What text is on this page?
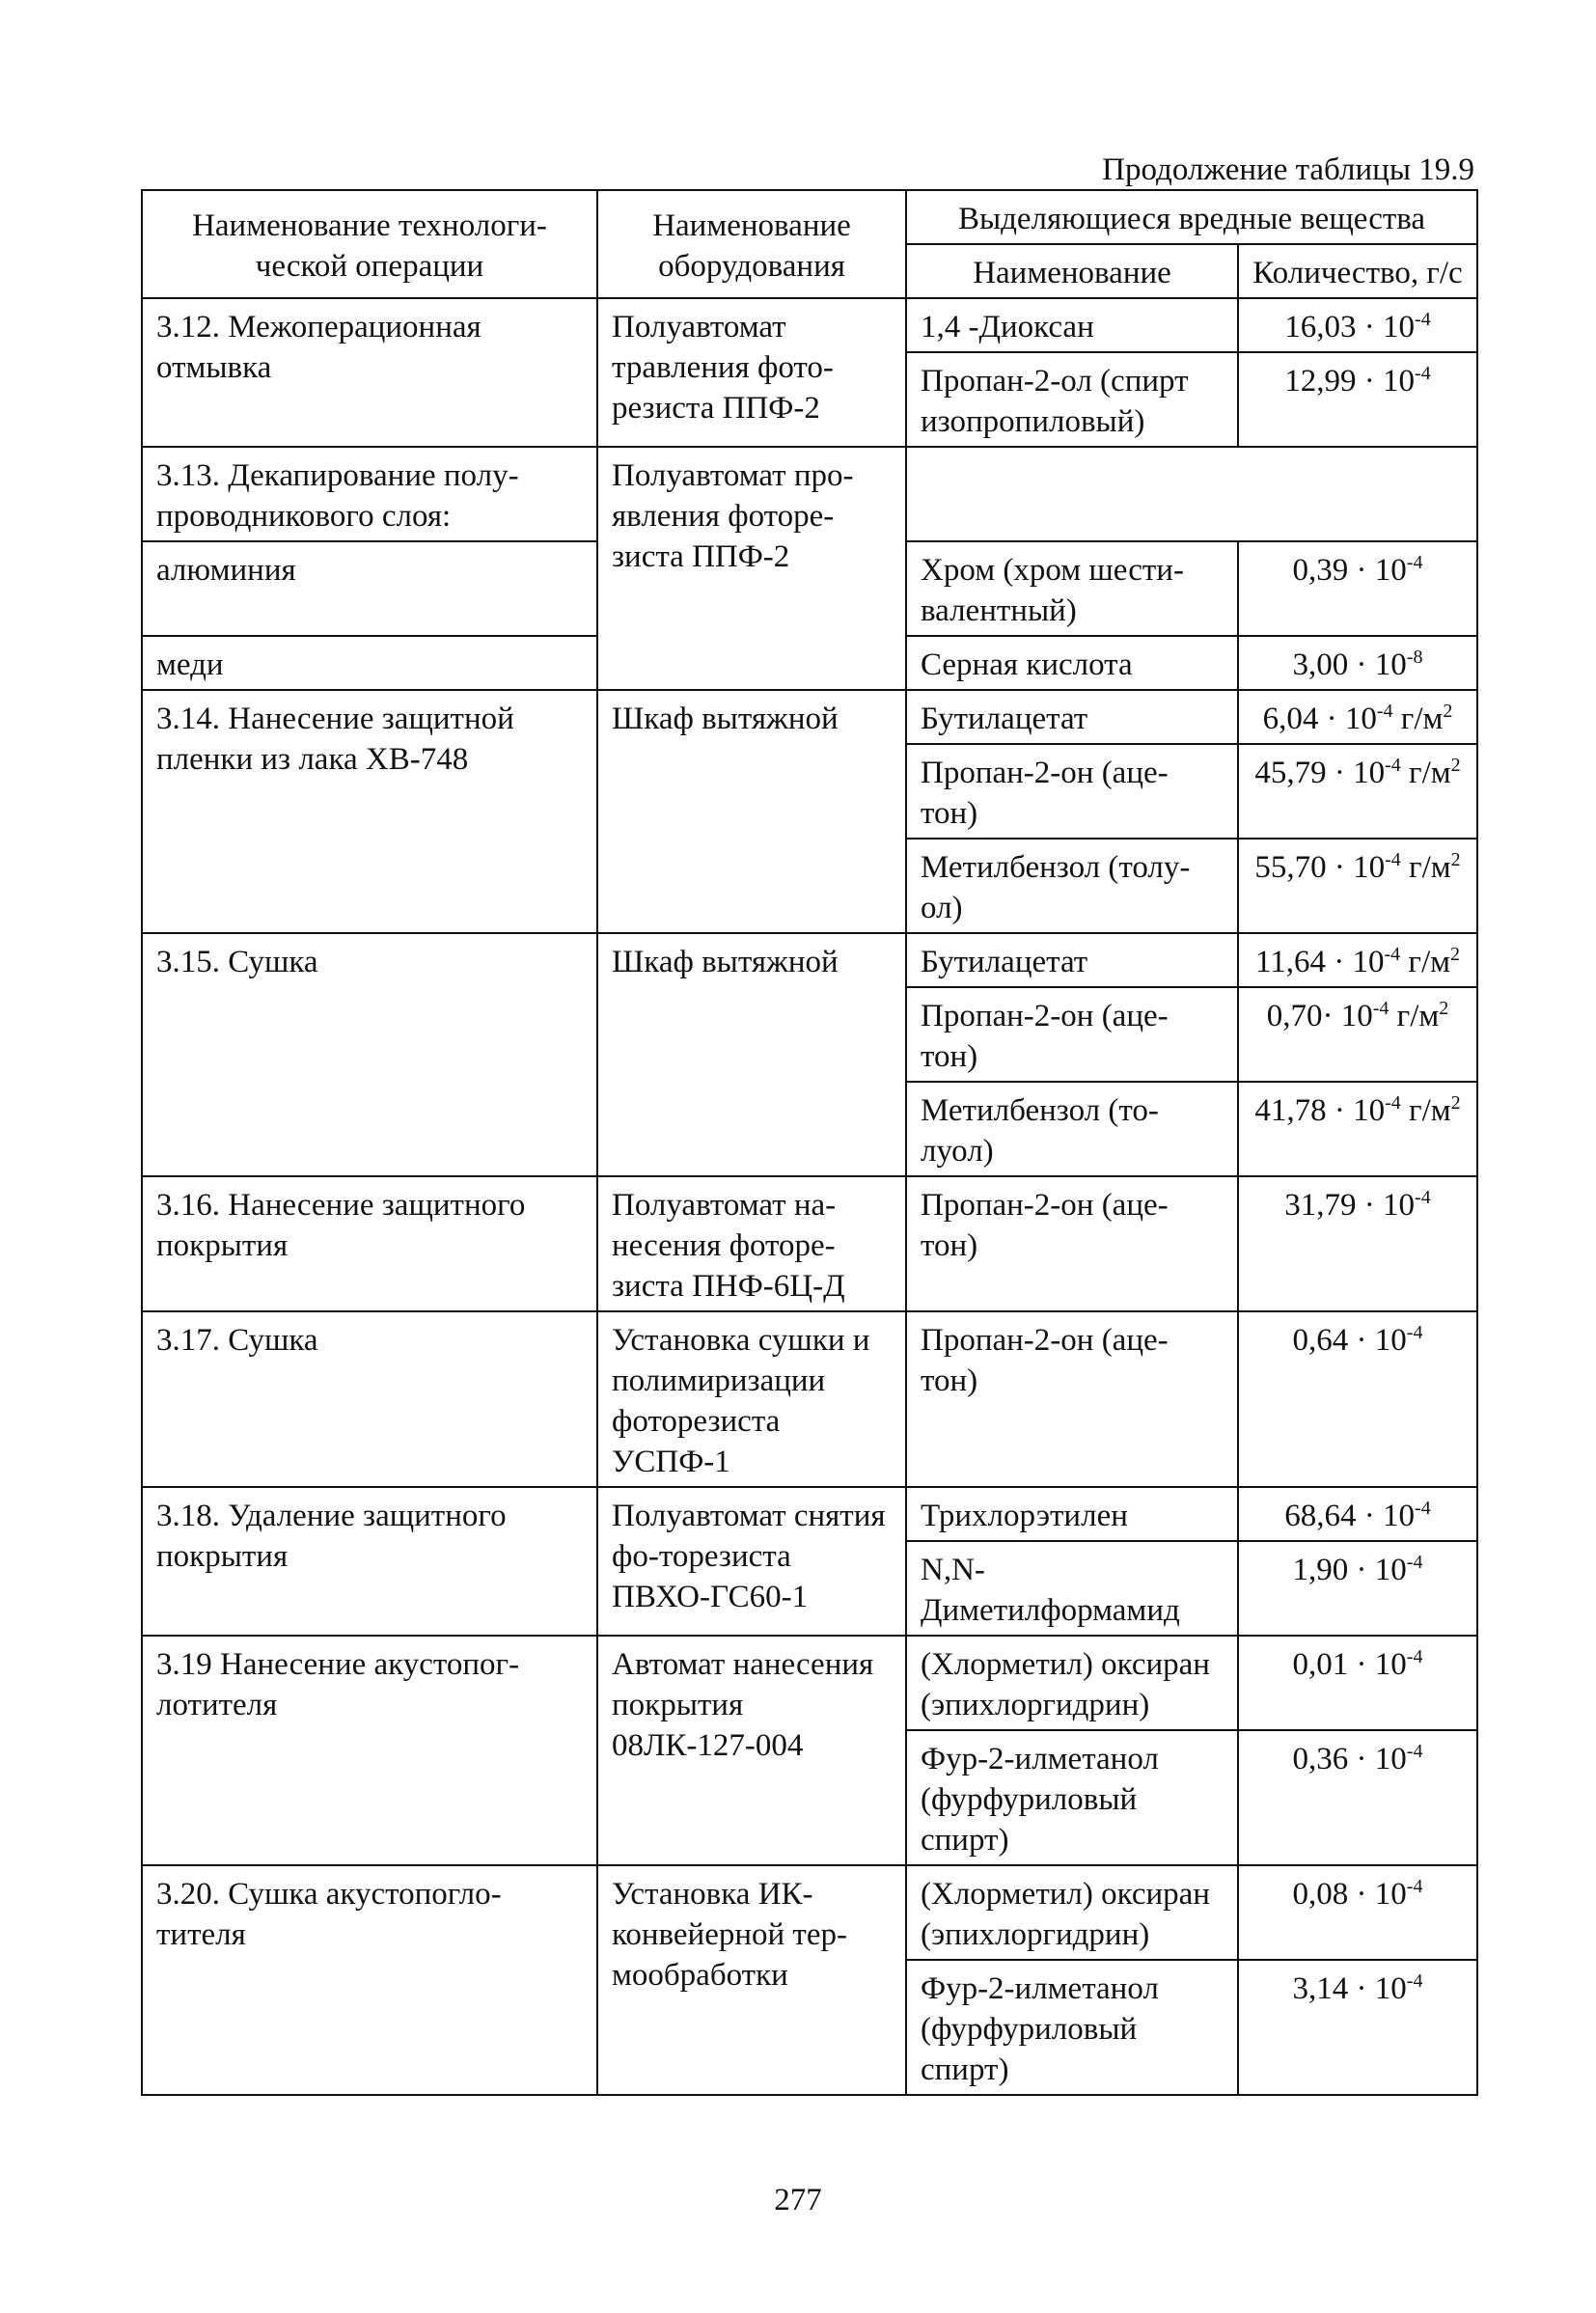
Продолжение таблицы 19.9
Наименование технологи-ческой операции	Наименование оборудования	Выделяющиеся вредные вещества	
		Наименование	Количество, г/с
3.12. Межоперационная отмывка	Полуавтомат травления фото-резиста ППФ-2	1,4 -Диоксан	$16,03 \cdot 10^{-4}$
		Пропан-2-ол (спирт изопропиловый)	$12,99 \cdot 10^{-4}$
3.13. Декапирование полу-проводникового слоя:	Полуавтомат про-явления фоторе-зиста ППФ-2		
алюминия		Хром (хром шести-валентный)	$0,39 \cdot 10^{-4}$
меди		Серная кислота	$3,00 \cdot 10^{-8}$
3.14. Нанесение защитной пленки из лака ХВ-748	Шкаф вытяжной	Бутилацетат	$6,04 \cdot 10^{-4}$ $г/м^2$
		Пропан-2-он (аце-тон)	$45,79 \cdot 10^{-4}$ $г/м^2$
		Метилбензол (толу-ол)	$55,70 \cdot 10^{-4}$ $г/м^2$
3.15. Сушка	Шкаф вытяжной	Бутилацетат	$11,64 \cdot 10^{-4}$ $г/м^2$
		Пропан-2-он (аце-тон)	$0,70\cdot 10^{-4}$ $г/м^2$
		Метилбензол (то-луол)	$41,78 \cdot 10^{-4}$ $г/м^2$
3.16. Нанесение защитного покрытия	Полуавтомат на-несения фоторе-зиста ПНФ-6Ц-Д	Пропан-2-он (аце-тон)	$31,79 \cdot 10^{-4}$
3.17. Сушка	Установка сушки и полимиризации фоторезиста УСПФ-1	Пропан-2-он (аце-тон)	$0,64 \cdot 10^{-4}$
3.18. Удаление защитного покрытия	Полуавтомат снятия фо-торезиста ПВХО-ГС60-1	Трихлорэтилен	$68,64 \cdot 10^{-4}$
		N,N-Диметилформамид	$1,90 \cdot 10^{-4}$
3.19 Нанесение акустопог-лотителя	Автомат нанесения покрытия 08ЛК-127-004	(Хлорметил) оксиран (эпихлоргидрин)	$0,01 \cdot 10^{-4}$
		Фур-2-илметанол (фурфуриловый спирт)	$0,36 \cdot 10^{-4}$
3.20. Сушка акустопогло-тителя	Установка ИК-конвейерной тер-мообработки	(Хлорметил) оксиран (эпихлоргидрин)	$0,08 \cdot 10^{-4}$
		Фур-2-илметанол (фурфуриловый спирт)	$3,14 \cdot 10^{-4}$
277
